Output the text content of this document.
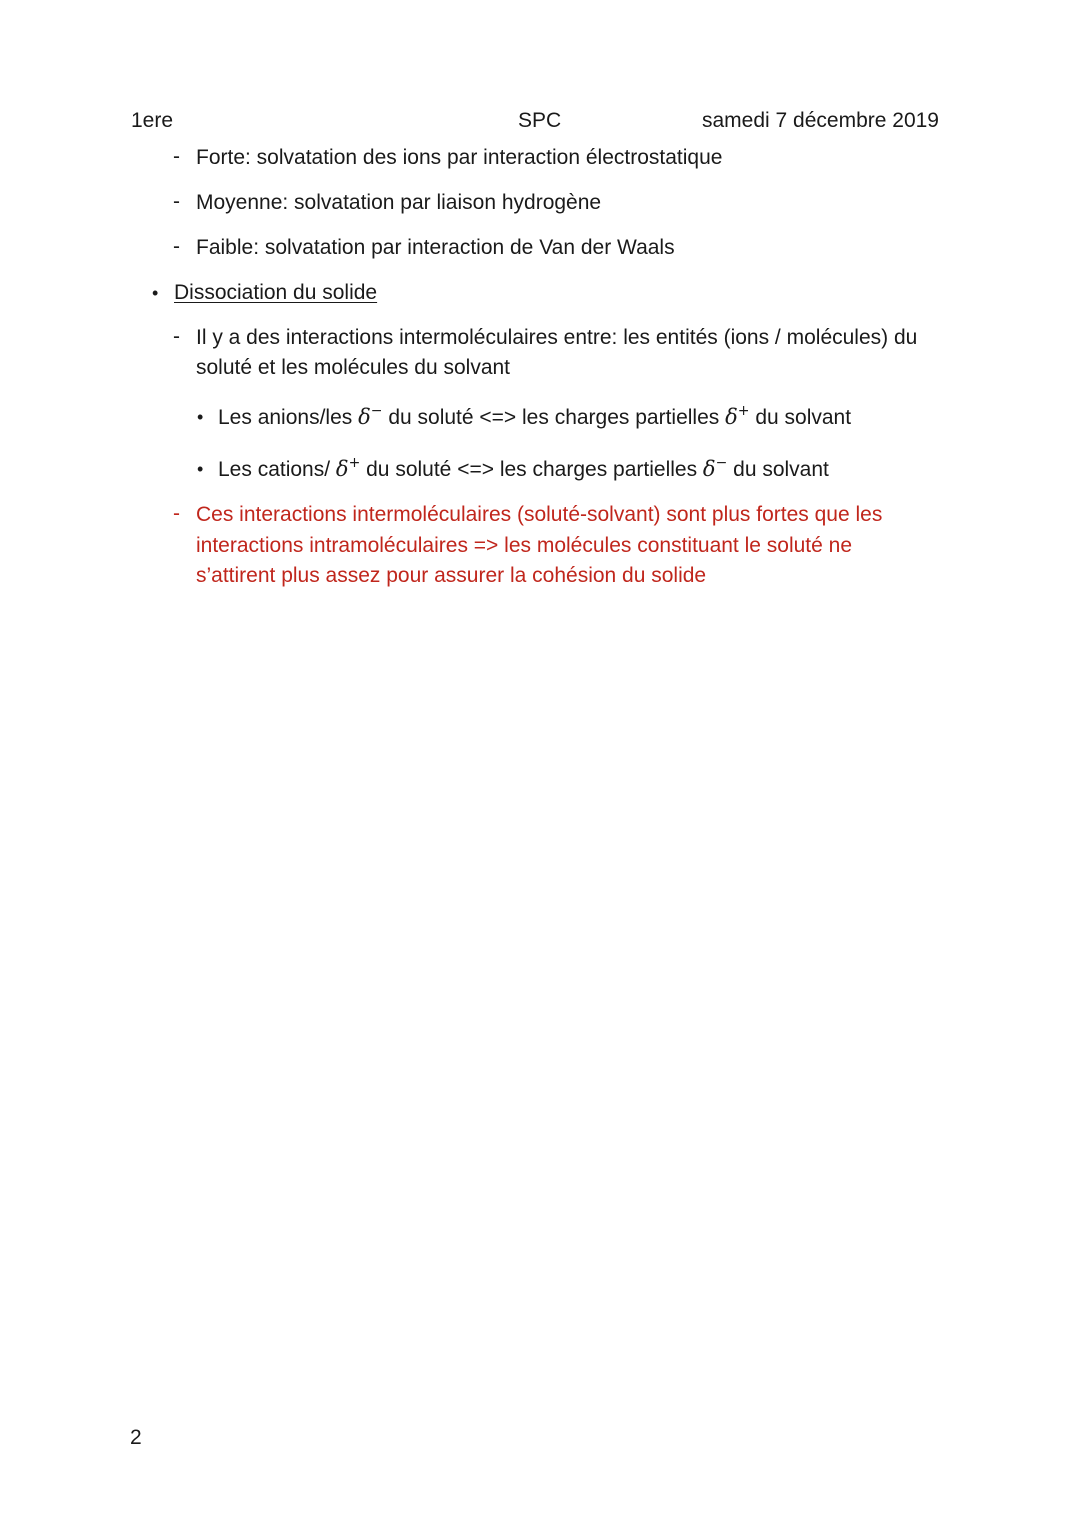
1ere	SPC	samedi 7 décembre 2019
- Forte: solvatation des ions par interaction électrostatique
- Moyenne: solvatation par liaison hydrogène
- Faible: solvatation par interaction de Van der Waals
• Dissociation du solide
- Il y a des interactions intermoléculaires entre: les entités (ions / molécules) du
soluté et les molécules du solvant
• Les anions/les δ− du soluté <=> les charges partielles δ+ du solvant
• Les cations/ δ+ du soluté <=> les charges partielles δ− du solvant
- Ces interactions intermoléculaires (soluté-solvant) sont plus fortes que les
interactions intramoléculaires => les molécules constituant le soluté ne
s’attirent plus assez pour assurer la cohésion du solide
2
